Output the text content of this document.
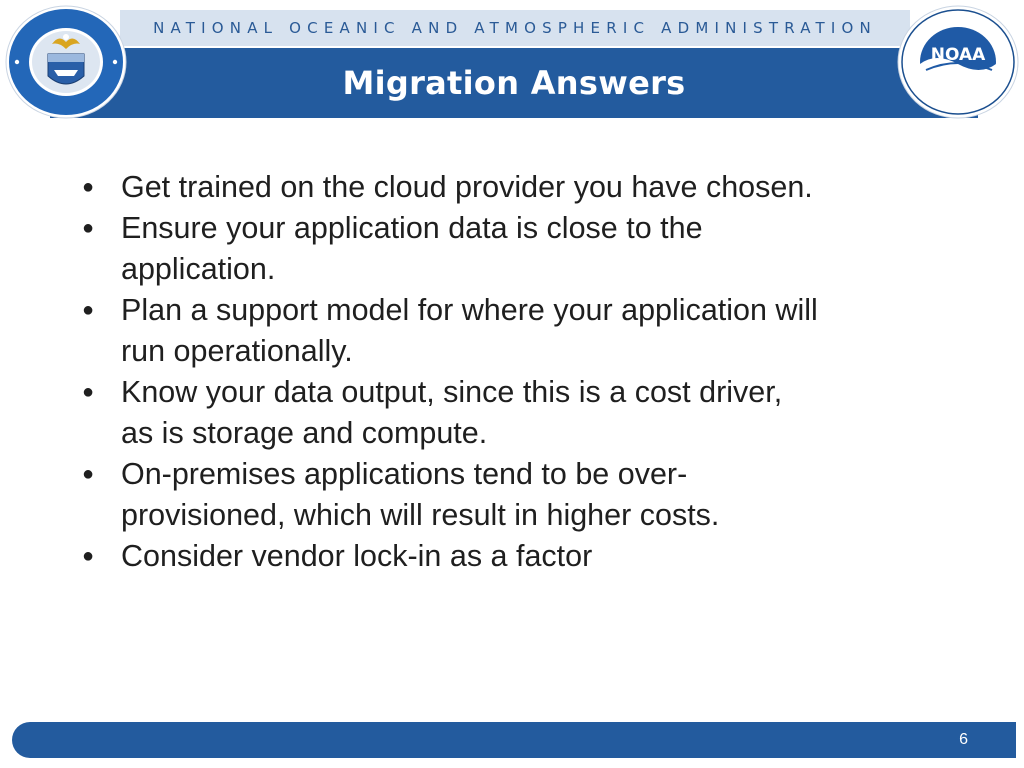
NATIONAL OCEANIC AND ATMOSPHERIC ADMINISTRATION
Migration Answers
NOAA
● Get trained on the cloud provider you have chosen.
● Ensure your application data is close to the
application.
● Plan a support model for where your application will
run operationally.
● Know your data output, since this is a cost driver,
as is storage and compute.
● On-premises applications tend to be over-
provisioned, which will result in higher costs.
● Consider vendor lock-in as a factor
6
